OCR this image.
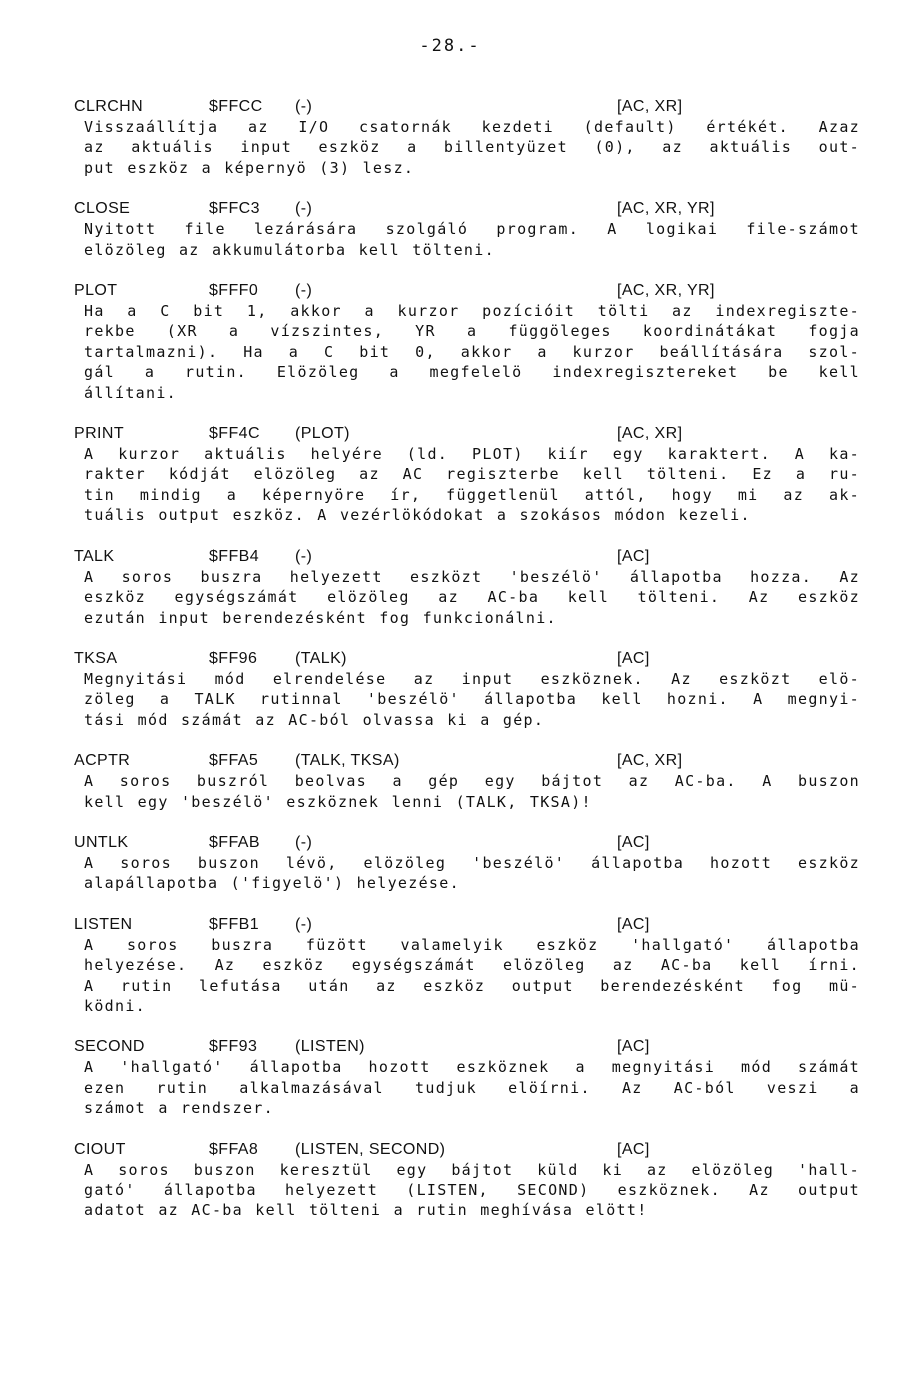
-28.-
CLRCHN	$FFCC (-)	[AC, XR]
Visszaállítja az I/O csatornák kezdeti (default) értékét. Azaz
az aktuális input eszköz a billentyüzet (0), az aktuális out-
put eszköz a képernyö (3) lesz.
CLOSE	$FFC3 (-)	[AC, XR, YR]
Nyitott file lezárására szolgáló program. A logikai file-számot
elözöleg az akkumulátorba kell tölteni.
PLOT	$FFF0 (-)	[AC, XR, YR]
Ha a C bit 1, akkor a kurzor pozícióit tölti az indexregiszte-
rekbe (XR a vízszintes, YR a függöleges koordinátákat fogja
tartalmazni). Ha a C bit 0, akkor a kurzor beállítására szol-
gál a rutin. Elözöleg a megfelelö indexregisztereket be kell
állítani.
PRINT	$FF4C (PLOT)	[AC, XR]
A kurzor aktuális helyére (ld. PLOT) kiír egy karaktert. A ka-
rakter kódját elözöleg az AC regiszterbe kell tölteni. Ez a ru-
tin mindig a képernyöre ír, függetlenül attól, hogy mi az ak-
tuális output eszköz. A vezérlökódokat a szokásos módon kezeli.
TALK	$FFB4 (-)	[AC]
A soros buszra helyezett eszközt 'beszélö' állapotba hozza. Az
eszköz egységszámát elözöleg az AC-ba kell tölteni. Az eszköz
ezután input berendezésként fog funkcionálni.
TKSA	$FF96 (TALK)	[AC]
Megnyitási mód elrendelése az input eszköznek. Az eszközt elö-
zöleg a TALK rutinnal 'beszélö' állapotba kell hozni. A megnyi-
tási mód számát az AC-ból olvassa ki a gép.
ACPTR	$FFA5 (TALK, TKSA)	[AC, XR]
A soros buszról beolvas a gép egy bájtot az AC-ba. A buszon
kell egy 'beszélö' eszköznek lenni (TALK, TKSA)!
UNTLK	$FFAB (-)	[AC]
A soros buszon lévö, elözöleg 'beszélö' állapotba hozott eszköz
alapállapotba ('figyelö') helyezése.
LISTEN	$FFB1 (-)	[AC]
A soros buszra füzött valamelyik eszköz 'hallgató' állapotba
helyezése. Az eszköz egységszámát elözöleg az AC-ba kell írni.
A rutin lefutása után az eszköz output berendezésként fog mü-
ködni.
SECOND	$FF93 (LISTEN)	[AC]
A 'hallgató' állapotba hozott eszköznek a megnyitási mód számát
ezen rutin alkalmazásával tudjuk elöírni. Az AC-ból veszi a
számot a rendszer.
CIOUT	$FFA8 (LISTEN, SECOND)	[AC]
A soros buszon keresztül egy bájtot küld ki az elözöleg 'hall-
gató' állapotba helyezett (LISTEN, SECOND) eszköznek. Az output
adatot az AC-ba kell tölteni a rutin meghívása elött!
